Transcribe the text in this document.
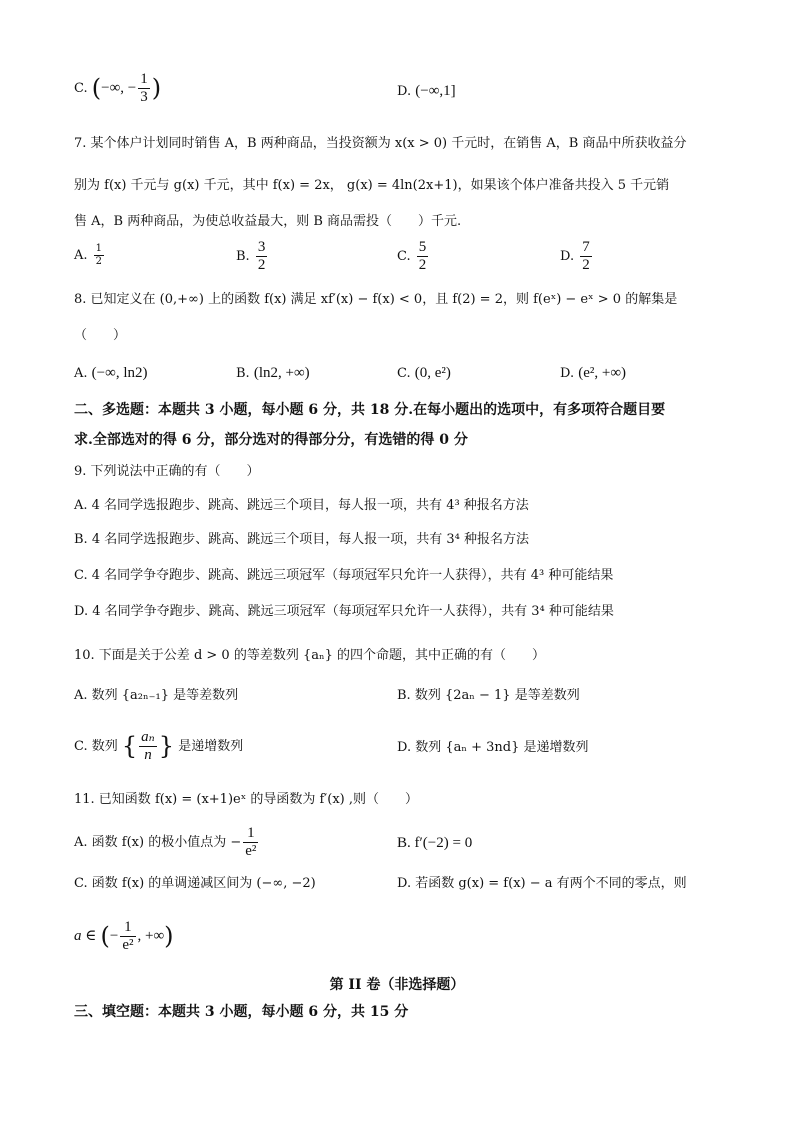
C. (−∞, − $\frac{1}{3}$ )	D. (−∞,1]
7. 某个体户计划同时销售 A，B 两种商品，当投资额为 x(x > 0) 千元时，在销售 A，B 商品中所获收益分
别为 f(x) 千元与 g(x) 千元，其中 f(x) = 2x， g(x) = 4ln(2x+1)，如果该个体户准备共投入 5 千元销
售 A，B 两种商品，为使总收益最大，则 B 商品需投（　　）千元.
A. $\frac{1}{2}$	B. $\frac{3}{2}$	C. $\frac{5}{2}$	D. $\frac{7}{2}$
8. 已知定义在 (0,+∞) 上的函数 f(x) 满足 xf′(x) − f(x) < 0，且 f(2) = 2，则 f(eˣ) − eˣ > 0 的解集是
（　　）
A. (−∞, ln2)	B. (ln2, +∞)	C. (0, e²)	D. (e², +∞)
二、多选题：本题共 3 小题，每小题 6 分，共 18 分.在每小题出的选项中，有多项符合题目要
求.全部选对的得 6 分，部分选对的得部分分，有选错的得 0 分
9. 下列说法中正确的有（　　）
A. 4 名同学选报跑步、跳高、跳远三个项目，每人报一项，共有 4³ 种报名方法
B. 4 名同学选报跑步、跳高、跳远三个项目，每人报一项，共有 3⁴ 种报名方法
C. 4 名同学争夺跑步、跳高、跳远三项冠军（每项冠军只允许一人获得），共有 4³ 种可能结果
D. 4 名同学争夺跑步、跳高、跳远三项冠军（每项冠军只允许一人获得），共有 3⁴ 种可能结果
10. 下面是关于公差 d > 0 的等差数列 {aₙ} 的四个命题，其中正确的有（　　）
A. 数列 {a₂ₙ₋₁} 是等差数列	B. 数列 {2aₙ − 1} 是等差数列
C. 数列 { $\frac{\text{aₙ}}{n}$ } 是递增数列	D. 数列 {aₙ + 3nd} 是递增数列
11. 已知函数 f(x) = (x+1)eˣ 的导函数为 f′(x) ,则（　　）
A. 函数 f(x) 的极小值点为 − $\frac{1}{\text{e²}}$	B. f′(−2) = 0
C. 函数 f(x) 的单调递减区间为 (−∞, −2)	D. 若函数 g(x) = f(x) − a 有两个不同的零点，则
a ∈ (− $\frac{1}{\text{e²}}$ , +∞)
第 II 卷（非选择题）
三、填空题：本题共 3 小题，每小题 6 分，共 15 分
